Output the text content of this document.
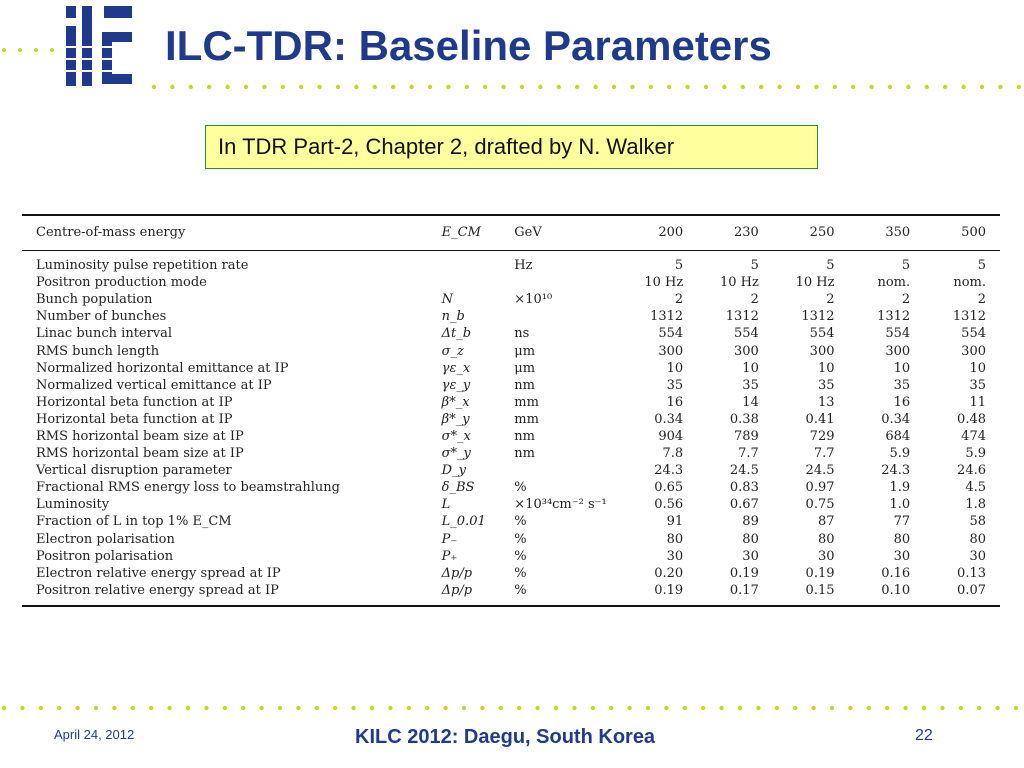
ILC-TDR: Baseline Parameters
In TDR Part-2, Chapter 2, drafted by N. Walker
Centre-of-mass energy	E_CM	GeV	200	230	250	350	500

Luminosity pulse repetition rate		Hz	5	5	5	5	5
Positron production mode			10 Hz	10 Hz	10 Hz	nom.	nom.
Bunch population	N	×10¹⁰	2	2	2	2	2
Number of bunches	n_b		1312	1312	1312	1312	1312
Linac bunch interval	Δt_b	ns	554	554	554	554	554
RMS bunch length	σ_z	μm	300	300	300	300	300
Normalized horizontal emittance at IP	γε_x	μm	10	10	10	10	10
Normalized vertical emittance at IP	γε_y	nm	35	35	35	35	35
Horizontal beta function at IP	β*_x	mm	16	14	13	16	11
Horizontal beta function at IP	β*_y	mm	0.34	0.38	0.41	0.34	0.48
RMS horizontal beam size at IP	σ*_x	nm	904	789	729	684	474
RMS horizontal beam size at IP	σ*_y	nm	7.8	7.7	7.7	5.9	5.9
Vertical disruption parameter	D_y		24.3	24.5	24.5	24.3	24.6
Fractional RMS energy loss to beamstrahlung	δ_BS	%	0.65	0.83	0.97	1.9	4.5
Luminosity	L	×10³⁴cm⁻² s⁻¹	0.56	0.67	0.75	1.0	1.8
Fraction of L in top 1% E_CM	L_0.01	%	91	89	87	77	58
Electron polarisation	P₋	%	80	80	80	80	80
Positron polarisation	P₊	%	30	30	30	30	30
Electron relative energy spread at IP	Δp/p	%	0.20	0.19	0.19	0.16	0.13
Positron relative energy spread at IP	Δp/p	%	0.19	0.17	0.15	0.10	0.07

April 24, 2012	KILC 2012: Daegu, South Korea	22
